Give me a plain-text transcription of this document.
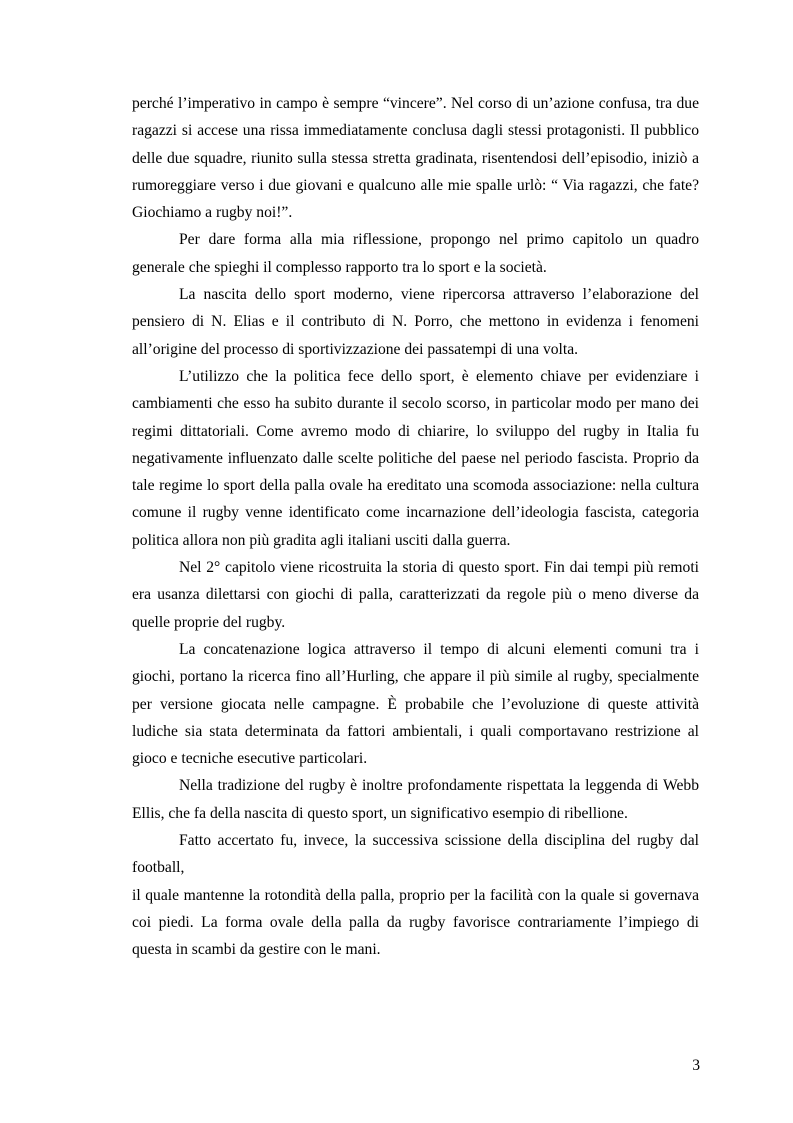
perché l’imperativo in campo è sempre “vincere”. Nel corso di un’azione confusa, tra due ragazzi si accese una rissa immediatamente conclusa dagli stessi protagonisti. Il pubblico delle due squadre, riunito sulla stessa stretta gradinata, risentendosi dell’episodio, iniziò a rumoreggiare verso i due giovani e qualcuno alle mie spalle urlò: “ Via ragazzi, che fate? Giochiamo a rugby noi!”.

Per dare forma alla mia riflessione, propongo nel primo capitolo un quadro generale che spieghi il complesso rapporto tra lo sport e la società.

La nascita dello sport moderno, viene ripercorsa attraverso l’elaborazione del pensiero di N. Elias e il contributo di N. Porro, che mettono in evidenza i fenomeni all’origine del processo di sportivizzazione dei passatempi di una volta.

L’utilizzo che la politica fece dello sport, è elemento chiave per evidenziare i cambiamenti che esso ha subito durante il secolo scorso, in particolar modo per mano dei regimi dittatoriali. Come avremo modo di chiarire, lo sviluppo del rugby in Italia fu negativamente influenzato dalle scelte politiche del paese nel periodo fascista. Proprio da tale regime lo sport della palla ovale ha ereditato una scomoda associazione: nella cultura comune il rugby venne identificato come incarnazione dell’ideologia fascista, categoria politica allora non più gradita agli italiani usciti dalla guerra.

Nel 2° capitolo viene ricostruita la storia di questo sport. Fin dai tempi più remoti era usanza dilettarsi con giochi di palla, caratterizzati da regole più o meno diverse da quelle proprie del rugby.

La concatenazione logica attraverso il tempo di alcuni elementi comuni tra i giochi, portano la ricerca fino all’Hurling, che appare il più simile al rugby, specialmente per versione giocata nelle campagne. È probabile che l’evoluzione di queste attività ludiche sia stata determinata da fattori ambientali, i quali comportavano restrizione al gioco e tecniche esecutive particolari.

Nella tradizione del rugby è inoltre profondamente rispettata la leggenda di Webb Ellis, che fa della nascita di questo sport, un significativo esempio di ribellione.

Fatto accertato fu, invece, la successiva scissione della disciplina del rugby dal football,

il quale mantenne la rotondità della palla, proprio per la facilità con la quale si governava coi piedi. La forma ovale della palla da rugby favorisce contrariamente l’impiego di questa in scambi da gestire con le mani.

3
